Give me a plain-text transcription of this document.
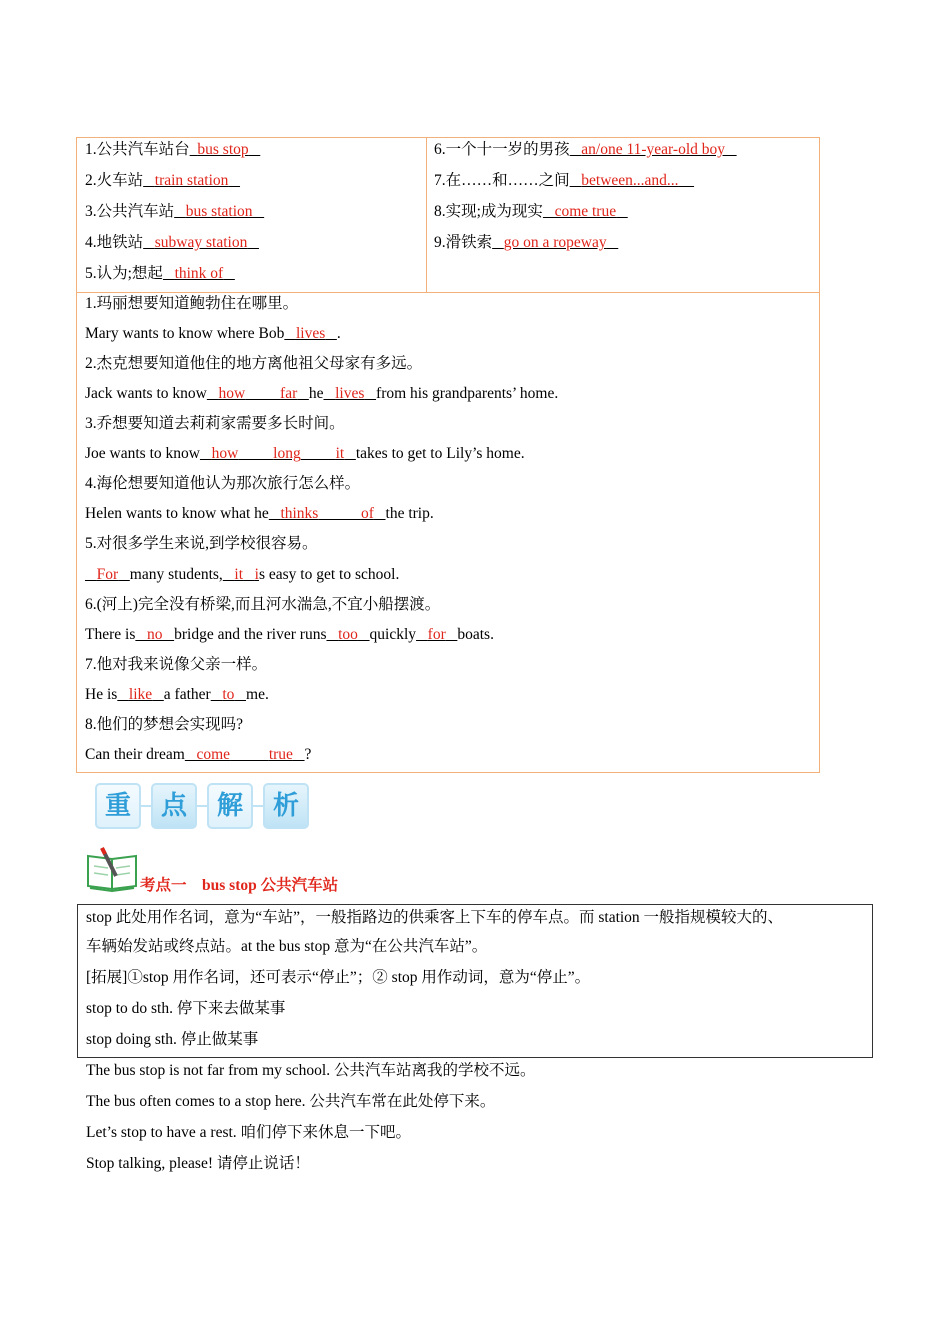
1.公共汽车站台 bus stop
2.火车站 train station
3.公共汽车站 bus station
4.地铁站 subway station
5.认为;想起 think of
6.一个十一岁的男孩 an/one 11-year-old boy
7.在……和……之间 between...and...
8.实现;成为现实 come true
9.滑铁索 go on a ropeway
1.玛丽想要知道鲍勃住在哪里。
Mary wants to know where Bob lives .
2.杰克想要知道他住的地方离他祖父母家有多远。
Jack wants to know how far he lives from his grandparents’ home.
3.乔想要知道去莉莉家需要多长时间。
Joe wants to know how long it takes to get to Lily’s home.
4.海伦想要知道他认为那次旅行怎么样。
Helen wants to know what he thinks	of the trip.
5.对很多学生来说,到学校很容易。
For many students, it is easy to get to school.
6.(河上)完全没有桥梁,而且河水湍急,不宜小船摆渡。
There is no bridge and the river runs too quickly for boats.
7.他对我来说像父亲一样。
He is like a father to me.
8.他们的梦想会实现吗?
Can their dream come	true ?
重	点	解	析
考点一 bus stop 公共汽车站
stop 此处用作名词，意为“车站”，一般指路边的供乘客上下车的停车点。而 station 一般指规模较大的、
车辆始发站或终点站。at the bus stop 意为“在公共汽车站”。
[拓展]①stop 用作名词，还可表示“停止”；② stop 用作动词，意为“停止”。
stop to do sth. 停下来去做某事
stop doing sth. 停止做某事
The bus stop is not far from my school. 公共汽车站离我的学校不远。
The bus often comes to a stop here. 公共汽车常在此处停下来。
Let’s stop to have a rest. 咱们停下来休息一下吧。
Stop talking, please! 请停止说话！
